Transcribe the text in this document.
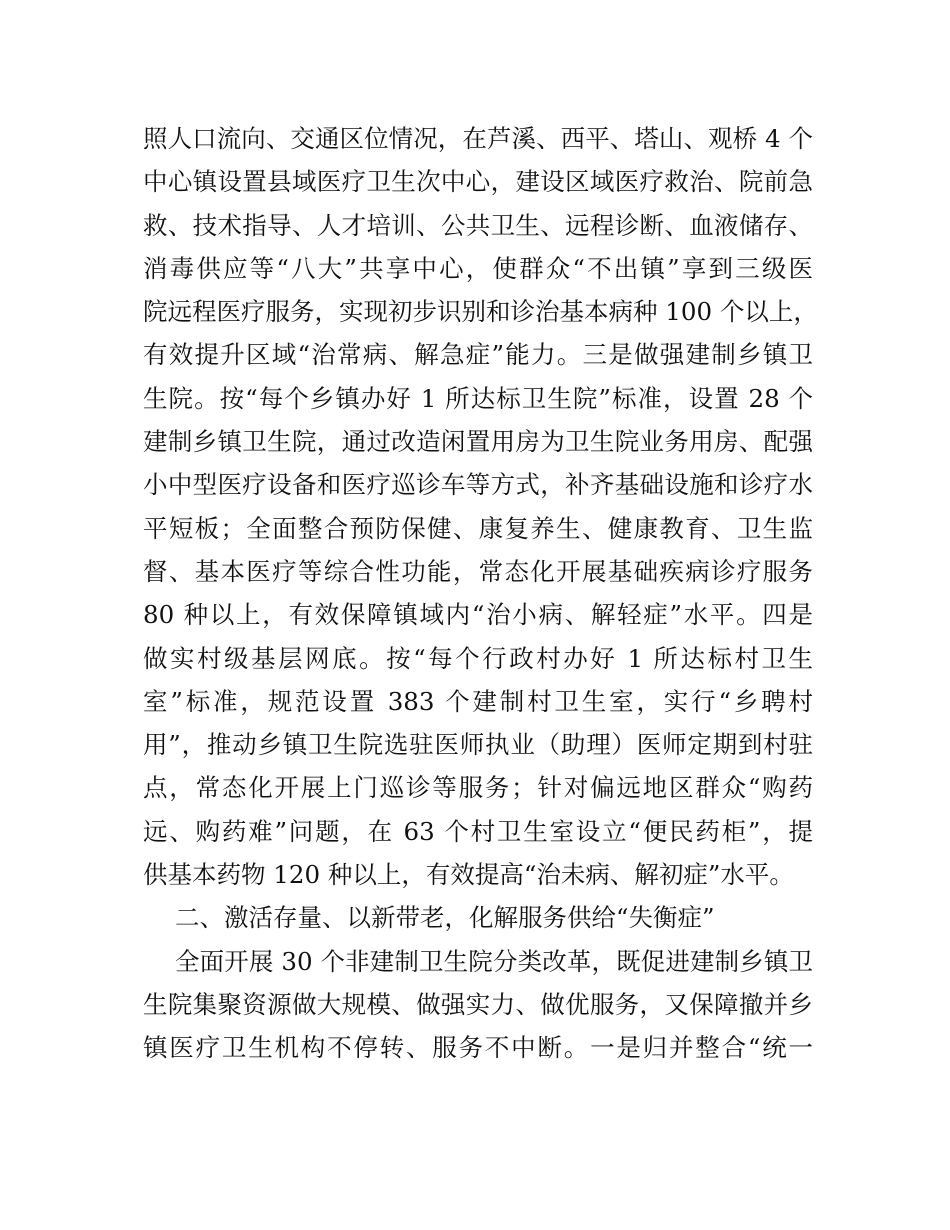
照人口流向、交通区位情况，在芦溪、西平、塔山、观桥 4 个
中心镇设置县域医疗卫生次中心，建设区域医疗救治、院前急
救、技术指导、人才培训、公共卫生、远程诊断、血液储存、
消毒供应等“八大”共享中心，使群众“不出镇”享到三级医
院远程医疗服务，实现初步识别和诊治基本病种 100 个以上，
有效提升区域“治常病、解急症”能力。三是做强建制乡镇卫
生院。按“每个乡镇办好 1 所达标卫生院”标准，设置 28 个
建制乡镇卫生院，通过改造闲置用房为卫生院业务用房、配强
小中型医疗设备和医疗巡诊车等方式，补齐基础设施和诊疗水
平短板；全面整合预防保健、康复养生、健康教育、卫生监
督、基本医疗等综合性功能，常态化开展基础疾病诊疗服务
80 种以上，有效保障镇域内“治小病、解轻症”水平。四是
做实村级基层网底。按“每个行政村办好 1 所达标村卫生
室”标准，规范设置 383 个建制村卫生室，实行“乡聘村
用”，推动乡镇卫生院选驻医师执业（助理）医师定期到村驻
点，常态化开展上门巡诊等服务；针对偏远地区群众“购药
远、购药难”问题，在 63 个村卫生室设立“便民药柜”，提
供基本药物 120 种以上，有效提高“治未病、解初症”水平。
二、激活存量、以新带老，化解服务供给“失衡症”
全面开展 30 个非建制卫生院分类改革，既促进建制乡镇卫
生院集聚资源做大规模、做强实力、做优服务，又保障撤并乡
镇医疗卫生机构不停转、服务不中断。一是归并整合“统一
